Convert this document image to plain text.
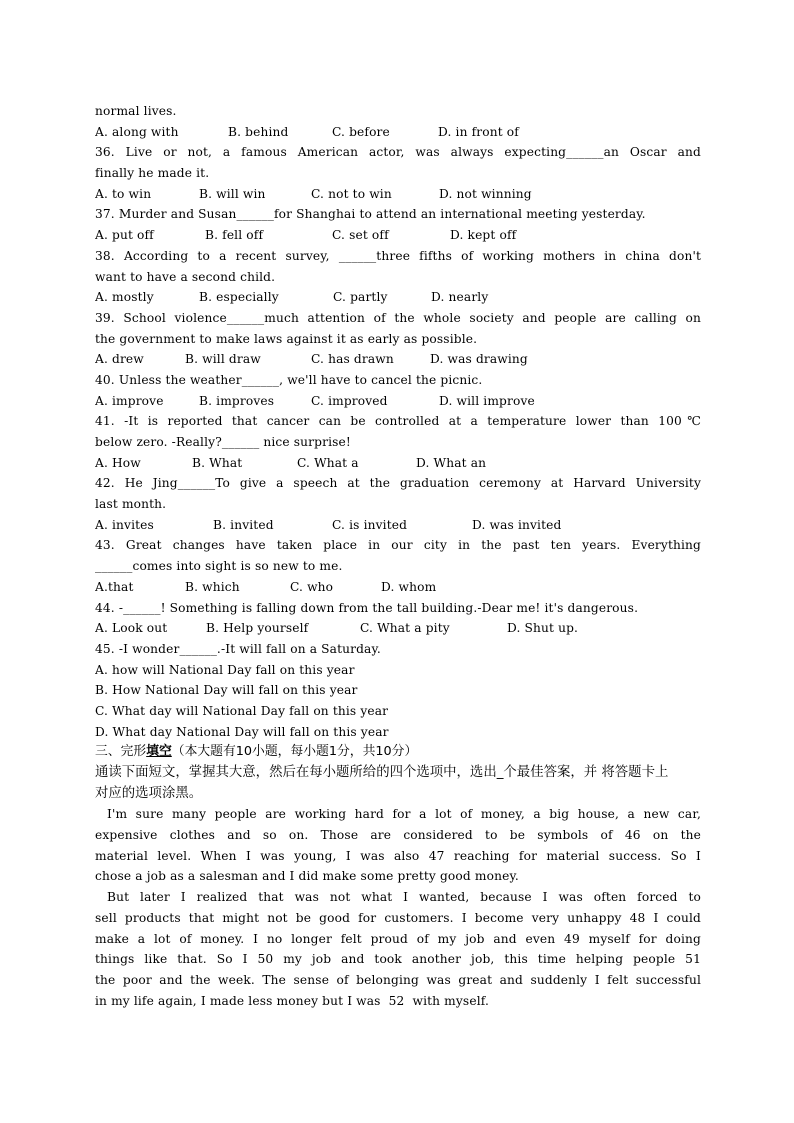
normal lives.
A. along with	B. behind	C. before	D. in front of
36. Live or not, a famous American actor, was always expecting______an Oscar and
finally he made it.
A. to win	B. will win	C. not to win	D. not winning
37. Murder and Susan______for Shanghai to attend an international meeting yesterday.
A. put off	B. fell off	C. set off	D. kept off
38. According to a recent survey, ______three fifths of working mothers in china don't
want to have a second child.
A. mostly	B. especially	C. partly	D. nearly
39. School violence______much attention of the whole society and people are calling on
the government to make laws against it as early as possible.
A. drew	B. will draw	C. has drawn	D. was drawing
40. Unless the weather______, we'll have to cancel the picnic.
A. improve	B. improves	C. improved	D. will improve
41. -It is reported that cancer can be controlled at a temperature lower than 100℃
below zero. -Really?______ nice surprise!
A. How	B. What	C. What a	D. What an
42. He Jing______To give a speech at the graduation ceremony at Harvard University
last month.
A. invites	B. invited	C. is invited	D. was invited
43. Great changes have taken place in our city in the past ten years. Everything
______comes into sight is so new to me.
A.that	B. which	C. who	D. whom
44. -______! Something is falling down from the tall building.-Dear me! it's dangerous.
A. Look out	B. Help yourself	C. What a pity	D. Shut up.
45. -I wonder______.-It will fall on a Saturday.
A. how will National Day fall on this year
B. How National Day will fall on this year
C. What day will National Day fall on this year
D. What day National Day will fall on this year
三、完形填空（本大题有10小题，每小题1分，共10分）
通读下面短文，掌握其大意，然后在每小题所给的四个选项中，选出_个最佳答案，并 将答题卡上
对应的选项涂黑。
I'm sure many people are working hard for a lot of money, a big house, a new car,
expensive clothes and so on. Those are considered to be symbols of 46 on the
material level. When I was young, I was also 47 reaching for material success. So I
chose a job as a salesman and I did make some pretty good money.
But later I realized that was not what I wanted, because I was often forced to
sell products that might not be good for customers. I become very unhappy 48 I could
make a lot of money. I no longer felt proud of my job and even 49 myself for doing
things like that. So I 50 my job and took another job, this time helping people 51
the poor and the week. The sense of belonging was great and suddenly I felt successful
in my life again, I made less money but I was  52  with myself.
